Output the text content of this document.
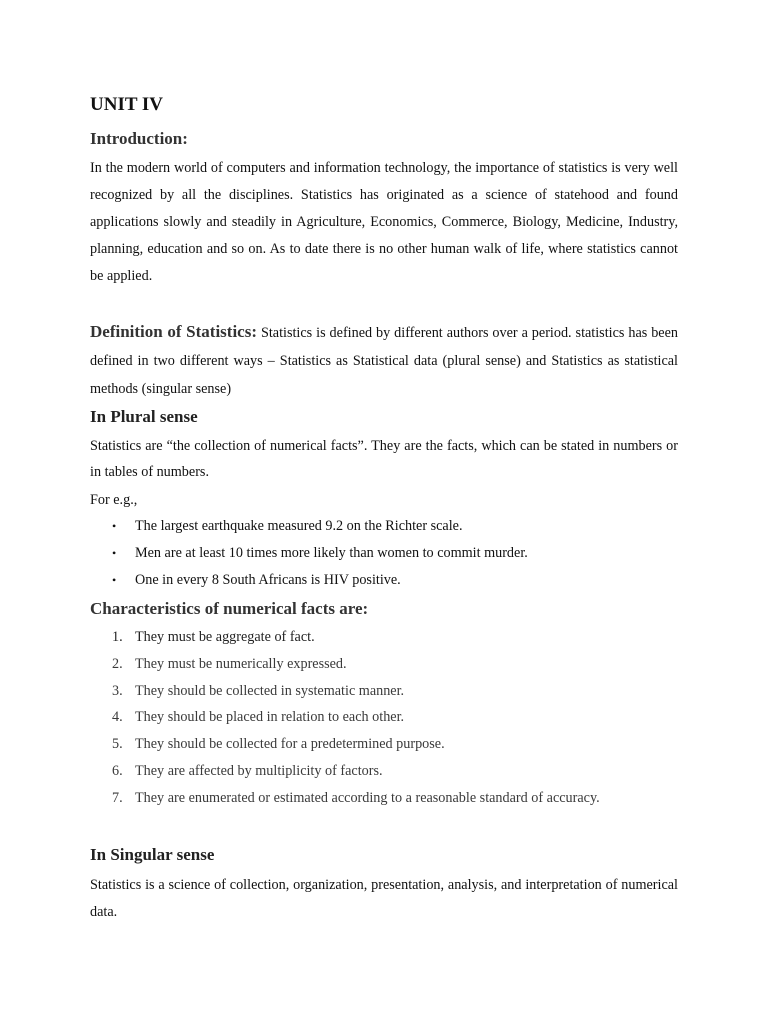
UNIT IV
Introduction:

In the modern world of computers and information technology, the importance of statistics is very well recognized by all the disciplines. Statistics has originated as a science of statehood and found applications slowly and steadily in Agriculture, Economics, Commerce, Biology, Medicine, Industry, planning, education and so on. As to date there is no other human walk of life, where statistics cannot be applied.

Definition of Statistics: Statistics is defined by different authors over a period. statistics has been defined in two different ways – Statistics as Statistical data (plural sense) and Statistics as statistical methods (singular sense)

In Plural sense

Statistics are “the collection of numerical facts”. They are the facts, which can be stated in numbers or in tables of numbers.

For e.g.,

• The largest earthquake measured 9.2 on the Richter scale.
• Men are at least 10 times more likely than women to commit murder.
• One in every 8 South Africans is HIV positive.
Characteristics of numerical facts are:
1. They must be aggregate of fact.
2. They must be numerically expressed.
3. They should be collected in systematic manner.
4. They should be placed in relation to each other.
5. They should be collected for a predetermined purpose.
6. They are affected by multiplicity of factors.
7. They are enumerated or estimated according to a reasonable standard of accuracy.
In Singular sense

Statistics is a science of collection, organization, presentation, analysis, and interpretation of numerical data.
